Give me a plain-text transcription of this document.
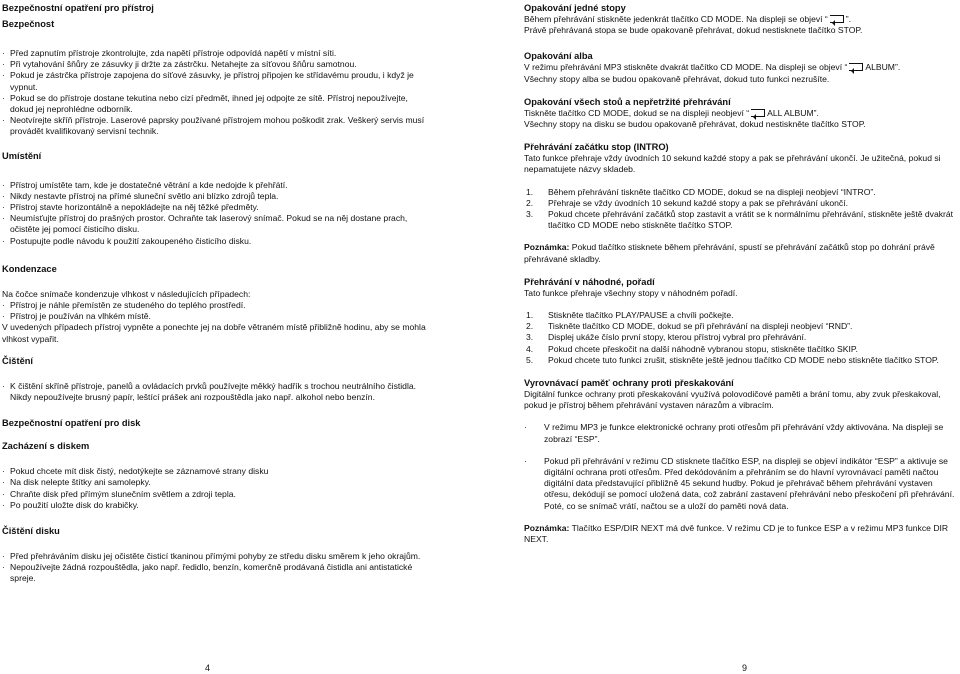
Bezpečnostní opatření pro přístroj
Bezpečnost
· Před zapnutím přístroje zkontrolujte, zda napětí přístroje odpovídá napětí v místní síti.
· Při vytahování šňůry ze zásuvky ji držte za zástrčku. Netahejte za síťovou šňůru samotnou.
· Pokud je zástrčka přístroje zapojena do síťové zásuvky, je přístroj připojen ke střídavému proudu, i když je vypnut.
· Pokud se do přístroje dostane tekutina nebo cizí předmět, ihned jej odpojte ze sítě. Přístroj nepoužívejte, dokud jej neprohlédne odborník.
· Neotvírejte skříň přístroje. Laserové paprsky používané přístrojem mohou poškodit zrak. Veškerý servis musí provádět kvalifikovaný servisní technik.
Umístění
· Přístroj umístěte tam, kde je dostatečné větrání a kde nedojde k přehřátí.
· Nikdy nestavte přístroj na přímé sluneční světlo ani blízko zdrojů tepla.
· Přístroj stavte horizontálně a nepokládejte na něj těžké předměty.
· Neumísťujte přístroj do prašných prostor. Ochraňte tak laserový snímač. Pokud se na něj dostane prach, očistěte jej pomocí čisticího disku.
· Postupujte podle návodu k použití zakoupeného čisticího disku.
Kondenzace

Na čočce snímače kondenzuje vlhkost v následujících případech:

· Přístroj je náhle přemístěn ze studeného do teplého prostředí.
· Přístroj je používán na vlhkém místě.

V uvedených případech přístroj vypněte a ponechte jej na dobře větraném místě přibližně hodinu, aby se mohla vlhkost vypařit.

Čištění
· K čištění skříně přístroje, panelů a ovládacích prvků používejte měkký hadřík s trochou neutrálního čistidla. Nikdy nepoužívejte brusný papír, leštící prášek ani rozpouštědla jako např. alkohol nebo benzín.
Bezpečnostní opatření pro disk
Zacházení s diskem
· Pokud chcete mít disk čistý, nedotýkejte se záznamové strany disku
· Na disk nelepte štítky ani samolepky.
· Chraňte disk před přímým slunečním světlem a zdroji tepla.
· Po použití uložte disk do krabičky.
Čištění disku
· Před přehráváním disku jej očistěte čisticí tkaninou přímými pohyby ze středu disku směrem k jeho okrajům.
· Nepoužívejte žádná rozpouštědla, jako např. ředidlo, benzín, komerčně prodávaná čistidla ani antistatické spreje.
4
Opakování jedné stopy

Během přehrávání stiskněte jedenkrát tlačítko CD MODE. Na displeji se objeví “ ”.

Právě přehrávaná stopa se bude opakovaně přehrávat, dokud nestisknete tlačítko STOP.

Opakování alba

V režimu přehrávání MP3 stiskněte dvakrát tlačítko CD MODE. Na displeji se objeví “ ALBUM”.

Všechny stopy alba se budou opakovaně přehrávat, dokud tuto funkci nezrušíte.

Opakování všech stoů a nepřetržité přehrávání

Tiskněte tlačítko CD MODE, dokud se na displeji neobjeví “ ALL ALBUM”.

Všechny stopy na disku se budou opakovaně přehrávat, dokud nestiskněte tlačítko STOP.

Přehrávání začátku stop (INTRO)

Tato funkce přehraje vždy úvodních 10 sekund každé stopy a pak se přehrávání ukončí. Je užitečná, pokud si nepamatujete názvy skladeb.

1. Během přehrávání tiskněte tlačítko CD MODE, dokud se na displeji neobjeví “INTRO”.
2. Přehraje se vždy úvodních 10 sekund každé stopy a pak se přehrávání ukončí.
3. Pokud chcete přehrávání začátků stop zastavit a vrátit se k normálnímu přehrávání, stiskněte ještě dvakrát tlačítko CD MODE nebo stiskněte tlačítko STOP.

Poznámka: Pokud tlačítko stisknete během přehrávání, spustí se přehrávání začátků stop po dohrání právě přehrávané skladby.

Přehrávání v náhodné, pořadí

Tato funkce přehraje všechny stopy v náhodném pořadí.

1. Stiskněte tlačítko PLAY/PAUSE a chvíli počkejte.
2. Tiskněte tlačítko CD MODE, dokud se při přehrávání na displeji neobjeví “RND”.
3. Displej ukáže číslo první stopy, kterou přístroj vybral pro přehrávání.
4. Pokud chcete přeskočit na další náhodně vybranou stopu, stiskněte tlačítko SKIP.
5. Pokud chcete tuto funkci zrušit, stiskněte ještě jednou tlačítko CD MODE nebo stiskněte tlačítko STOP.
Vyrovnávací paměť ochrany proti přeskakování

Digitální funkce ochrany proti přeskakování využívá polovodičové paměti a brání tomu, aby zvuk přeskakoval, pokud je přístroj během přehrávání vystaven nárazům a vibracím.

· V režimu MP3 je funkce elektronické ochrany proti otřesům při přehrávání vždy aktivována. Na displeji se zobrazí “ESP”.
· Pokud při přehrávání v režimu CD stisknete tlačítko ESP, na displeji se objeví indikátor “ESP” a aktivuje se digitální ochrana proti otřesům. Před dekódováním a přehráním se do hlavní vyrovnávací paměti načtou digitální data představující přibližně 45 sekund hudby. Pokud je přehrávač během přehrávání vystaven otřesu, dekódují se pomocí uložená data, což zabrání zastavení přehrávání nebo přeskočení při přehrávání. Poté, co se snímač vrátí, načtou se a uloží do paměti nová data.

Poznámka: Tlačítko ESP/DIR NEXT má dvě funkce. V režimu CD je to funkce ESP a v režimu MP3 funkce DIR NEXT.

9
